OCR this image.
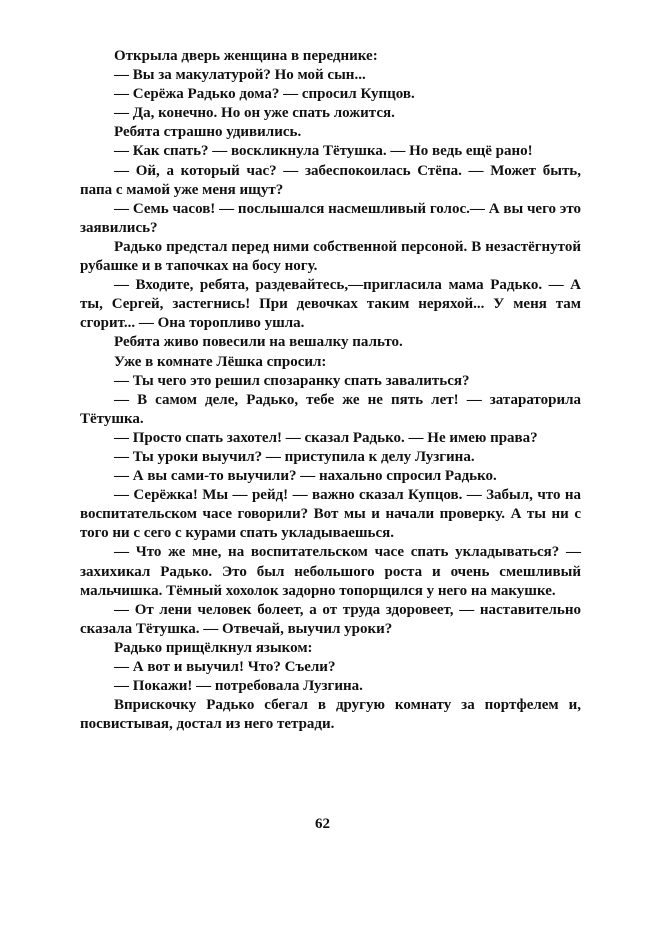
Открыла дверь женщина в переднике:

— Вы за макулатурой? Но мой сын...

— Серёжа Радько дома? — спросил Купцов.

— Да, конечно. Но он уже спать ложится.

Ребята страшно удивились.

— Как спать? — воскликнула Тётушка. — Но ведь ещё рано!

— Ой, а который час? — забеспокоилась Стёпа. — Может быть, папа с мамой уже меня ищут?

— Семь часов! — послышался насмешливый голос.— А вы чего это заявились?

Радько предстал перед ними собственной персоной. В незастёгнутой рубашке и в тапочках на босу ногу.

— Входите, ребята, раздевайтесь,—пригласила мама Радько. — А ты, Сергей, застегнись! При девочках таким неряхой... У меня там сгорит... — Она торопливо ушла.

Ребята живо повесили на вешалку пальто.

Уже в комнате Лёшка спросил:

— Ты чего это решил спозаранку спать завалиться?

— В самом деле, Радько, тебе же не пять лет! — затараторила Тётушка.

— Просто спать захотел! — сказал Радько. — Не имею права?

— Ты уроки выучил? — приступила к делу Лузгина.

— А вы сами-то выучили? — нахально спросил Радько.

— Серёжка! Мы — рейд! — важно сказал Купцов. — Забыл, что на воспитательском часе говорили? Вот мы и начали проверку. А ты ни с того ни с сего с курами спать укладываешься.

— Что же мне, на воспитательском часе спать укладываться? — захихикал Радько. Это был небольшого роста и очень смешливый мальчишка. Тёмный хохолок задорно топорщился у него на макушке.

— От лени человек болеет, а от труда здоровеет, — наставительно сказала Тётушка. — Отвечай, выучил уроки?

Радько прищёлкнул языком:

— А вот и выучил! Что? Съели?

— Покажи! — потребовала Лузгина.

Вприскочку Радько сбегал в другую комнату за портфелем и, посвистывая, достал из него тетради.

62
